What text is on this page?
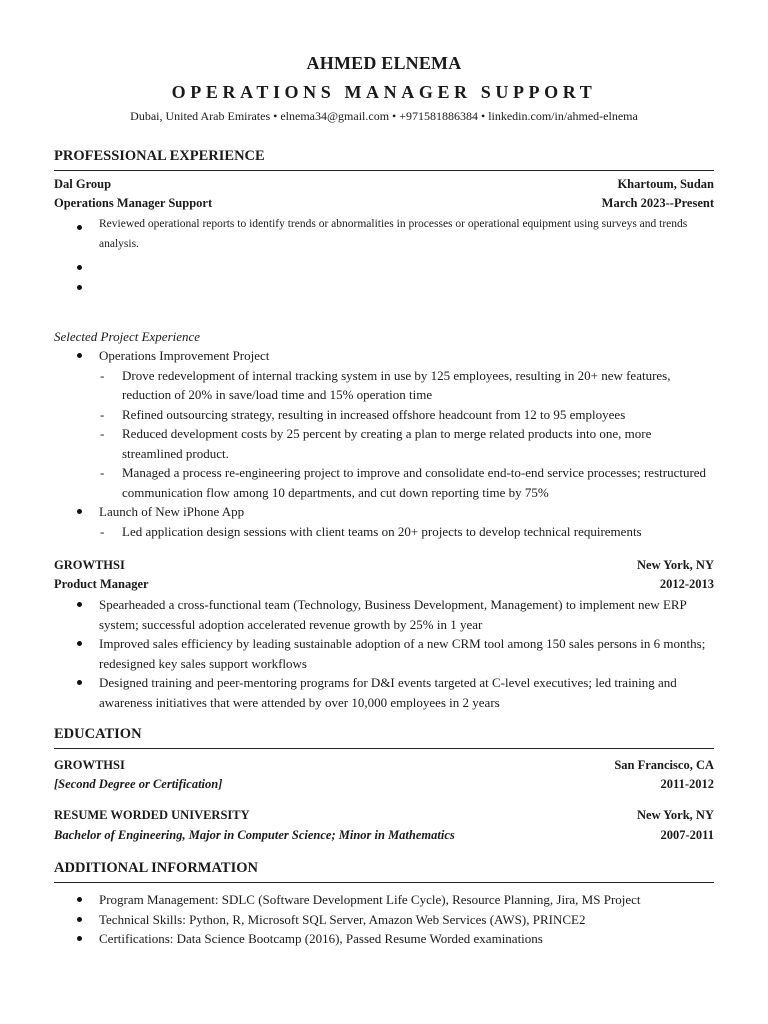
AHMED ELNEMA
OPERATIONS MANAGER SUPPORT
Dubai, United Arab Emirates • elnema34@gmail.com • +971581886384 • linkedin.com/in/ahmed-elnema
PROFESSIONAL EXPERIENCE
Dal Group	Khartoum, Sudan
Operations Manager Support	March 2023--Present
Reviewed operational reports to identify trends or abnormalities in processes or operational equipment using surveys and trends analysis.
Selected Project Experience
Operations Improvement Project
- Drove redevelopment of internal tracking system in use by 125 employees, resulting in 20+ new features, reduction of 20% in save/load time and 15% operation time
- Refined outsourcing strategy, resulting in increased offshore headcount from 12 to 95 employees
- Reduced development costs by 25 percent by creating a plan to merge related products into one, more streamlined product.
- Managed a process re-engineering project to improve and consolidate end-to-end service processes; restructured communication flow among 10 departments, and cut down reporting time by 75%
Launch of New iPhone App
- Led application design sessions with client teams on 20+ projects to develop technical requirements
GROWTHSI	New York, NY
Product Manager	2012-2013
Spearheaded a cross-functional team (Technology, Business Development, Management) to implement new ERP system; successful adoption accelerated revenue growth by 25% in 1 year
Improved sales efficiency by leading sustainable adoption of a new CRM tool among 150 sales persons in 6 months; redesigned key sales support workflows
Designed training and peer-mentoring programs for D&I events targeted at C-level executives; led training and awareness initiatives that were attended by over 10,000 employees in 2 years
EDUCATION
GROWTHSI	San Francisco, CA
[Second Degree or Certification]	2011-2012
RESUME WORDED UNIVERSITY	New York, NY
Bachelor of Engineering, Major in Computer Science; Minor in Mathematics	2007-2011
ADDITIONAL INFORMATION
Program Management: SDLC (Software Development Life Cycle), Resource Planning, Jira, MS Project
Technical Skills: Python, R, Microsoft SQL Server, Amazon Web Services (AWS), PRINCE2
Certifications: Data Science Bootcamp (2016), Passed Resume Worded examinations
